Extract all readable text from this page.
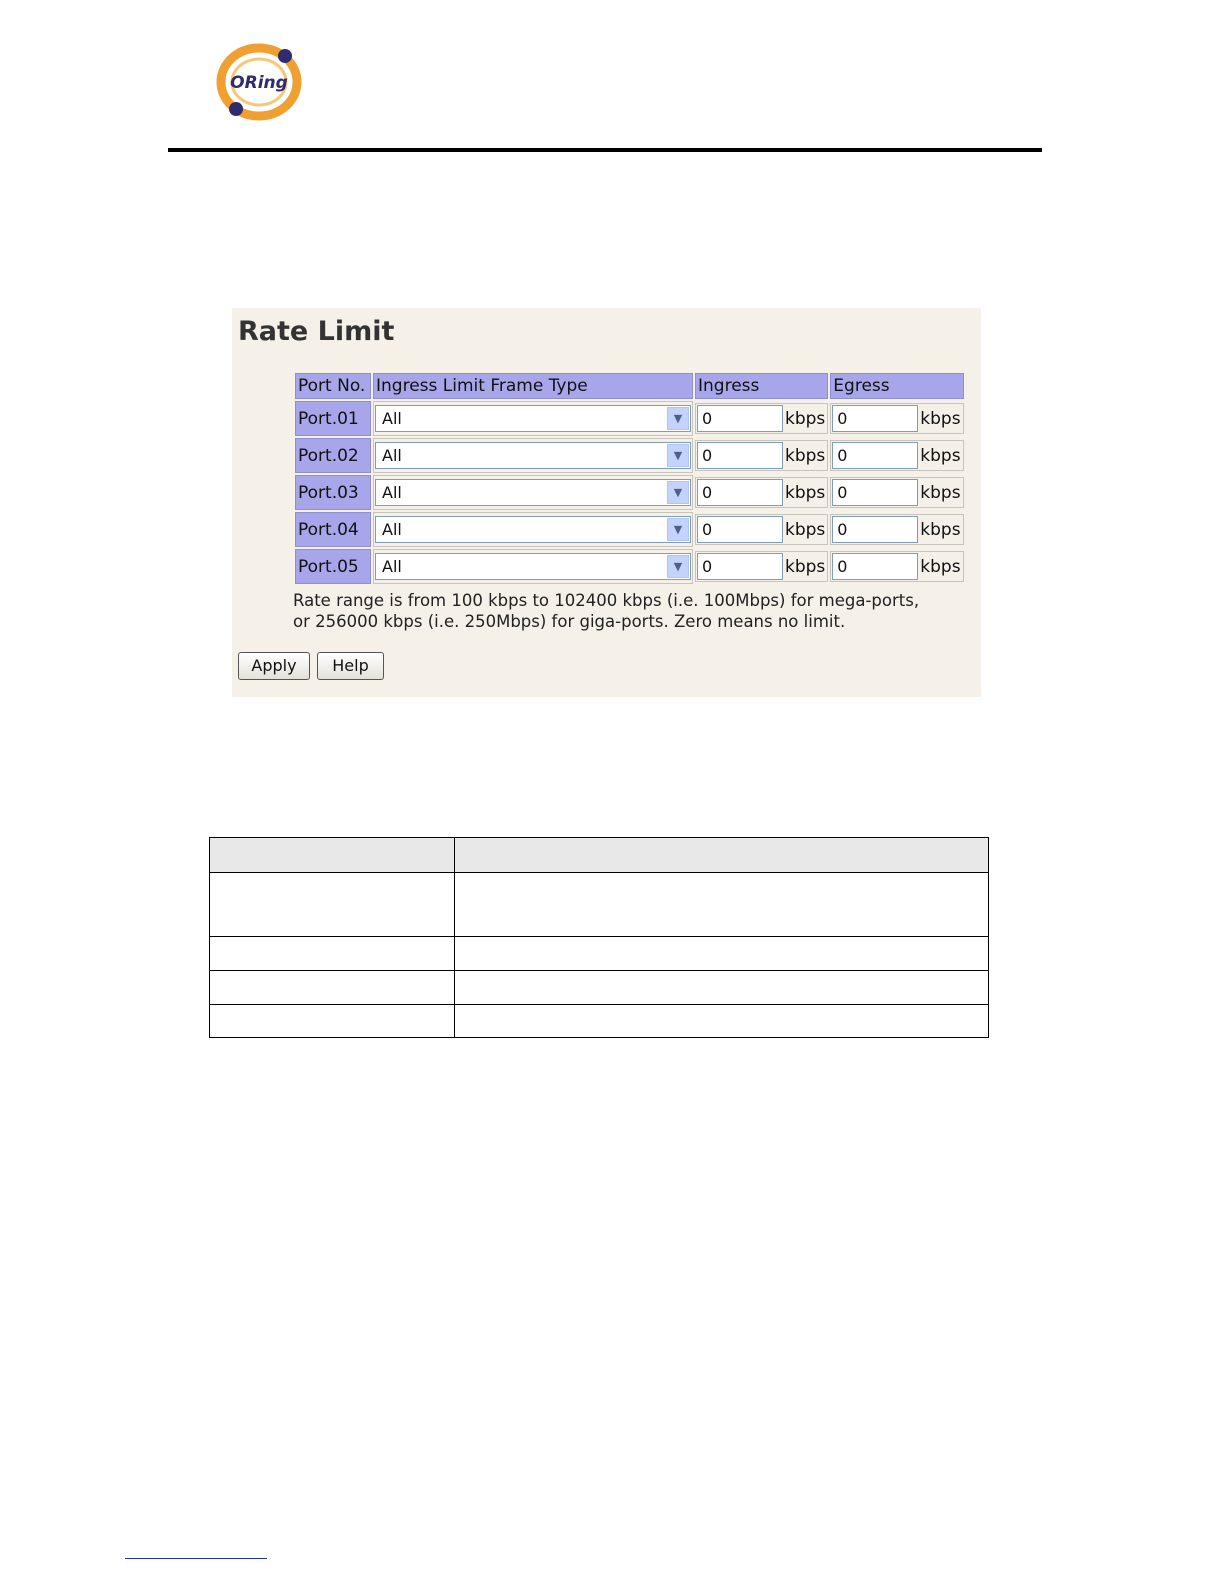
ORing
Rate Limit
Port No.	Ingress Limit Frame Type	Ingress	Egress
Port.01	All ▼	0 kbps	0 kbps

Port.02	All ▼	0 kbps	0 kbps

Port.03	All ▼	0 kbps	0 kbps

Port.04	All ▼	0 kbps	0 kbps

Port.05	All ▼	0 kbps	0 kbps
Rate range is from 100 kbps to 102400 kbps (i.e. 100Mbps) for mega-ports,
or 256000 kbps (i.e. 250Mbps) for giga-ports. Zero means no limit.
Apply	Help
